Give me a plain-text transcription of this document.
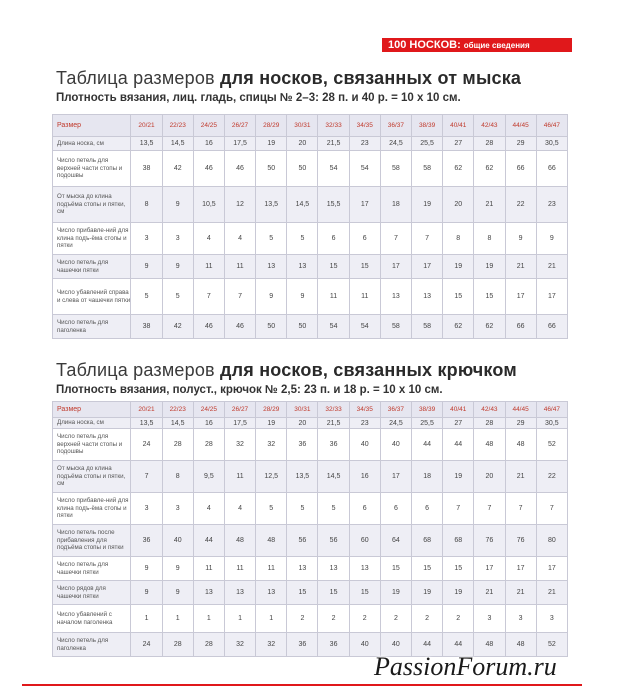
100 НОСКОВ: общие сведения
Таблица размеров для носков, связанных от мыска
Плотность вязания, лиц. гладь, спицы № 2–3: 28 п. и 40 р. = 10 х 10 см.
Размер	20/21	22/23	24/25	26/27	28/29	30/31	32/33	34/35	36/37	38/39	40/41	42/43	44/45	46/47
Длина носка, см	13,5	14,5	16	17,5	19	20	21,5	23	24,5	25,5	27	28	29	30,5
Число петель для верхней части стопы и подошвы	38	42	46	46	50	50	54	54	58	58	62	62	66	66
От мыска до клина подъёма стопы и пятки, см	8	9	10,5	12	13,5	14,5	15,5	17	18	19	20	21	22	23
Число прибавле-ний для клина подъ-ёма стопы и пятки	3	3	4	4	5	5	6	6	7	7	8	8	9	9
Число петель для чашечки пятки	9	9	11	11	13	13	15	15	17	17	19	19	21	21
Число убавлений справа и слева от чашечки пятки	5	5	7	7	9	9	11	11	13	13	15	15	17	17
Число петель для паголенка	38	42	46	46	50	50	54	54	58	58	62	62	66	66
Таблица размеров для носков, связанных крючком
Плотность вязания, полуст., крючок № 2,5: 23 п. и 18 р. = 10 х 10 см.
Размер	20/21	22/23	24/25	26/27	28/29	30/31	32/33	34/35	36/37	38/39	40/41	42/43	44/45	46/47
Длина носка, см	13,5	14,5	16	17,5	19	20	21,5	23	24,5	25,5	27	28	29	30,5
Число петель для верхней части стопы и подошвы	24	28	28	32	32	36	36	40	40	44	44	48	48	52
От мыска до клина подъёма стопы и пятки, см	7	8	9,5	11	12,5	13,5	14,5	16	17	18	19	20	21	22
Число прибавле-ний для клина подъ-ёма стопы и пятки	3	3	4	4	5	5	5	6	6	6	7	7	7	7
Число петель после прибавления для подъёма стопы и пятки	36	40	44	48	48	56	56	60	64	68	68	76	76	80
Число петель для чашечки пятки	9	9	11	11	11	13	13	13	15	15	15	17	17	17
Число рядов для чашечки пятки	9	9	13	13	13	15	15	15	19	19	19	21	21	21
Число убавлений с началом паголенка	1	1	1	1	1	2	2	2	2	2	2	3	3	3
Число петель для паголенка	24	28	28	32	32	36	36	40	40	44	44	48	48	52
PassionForum.ru
